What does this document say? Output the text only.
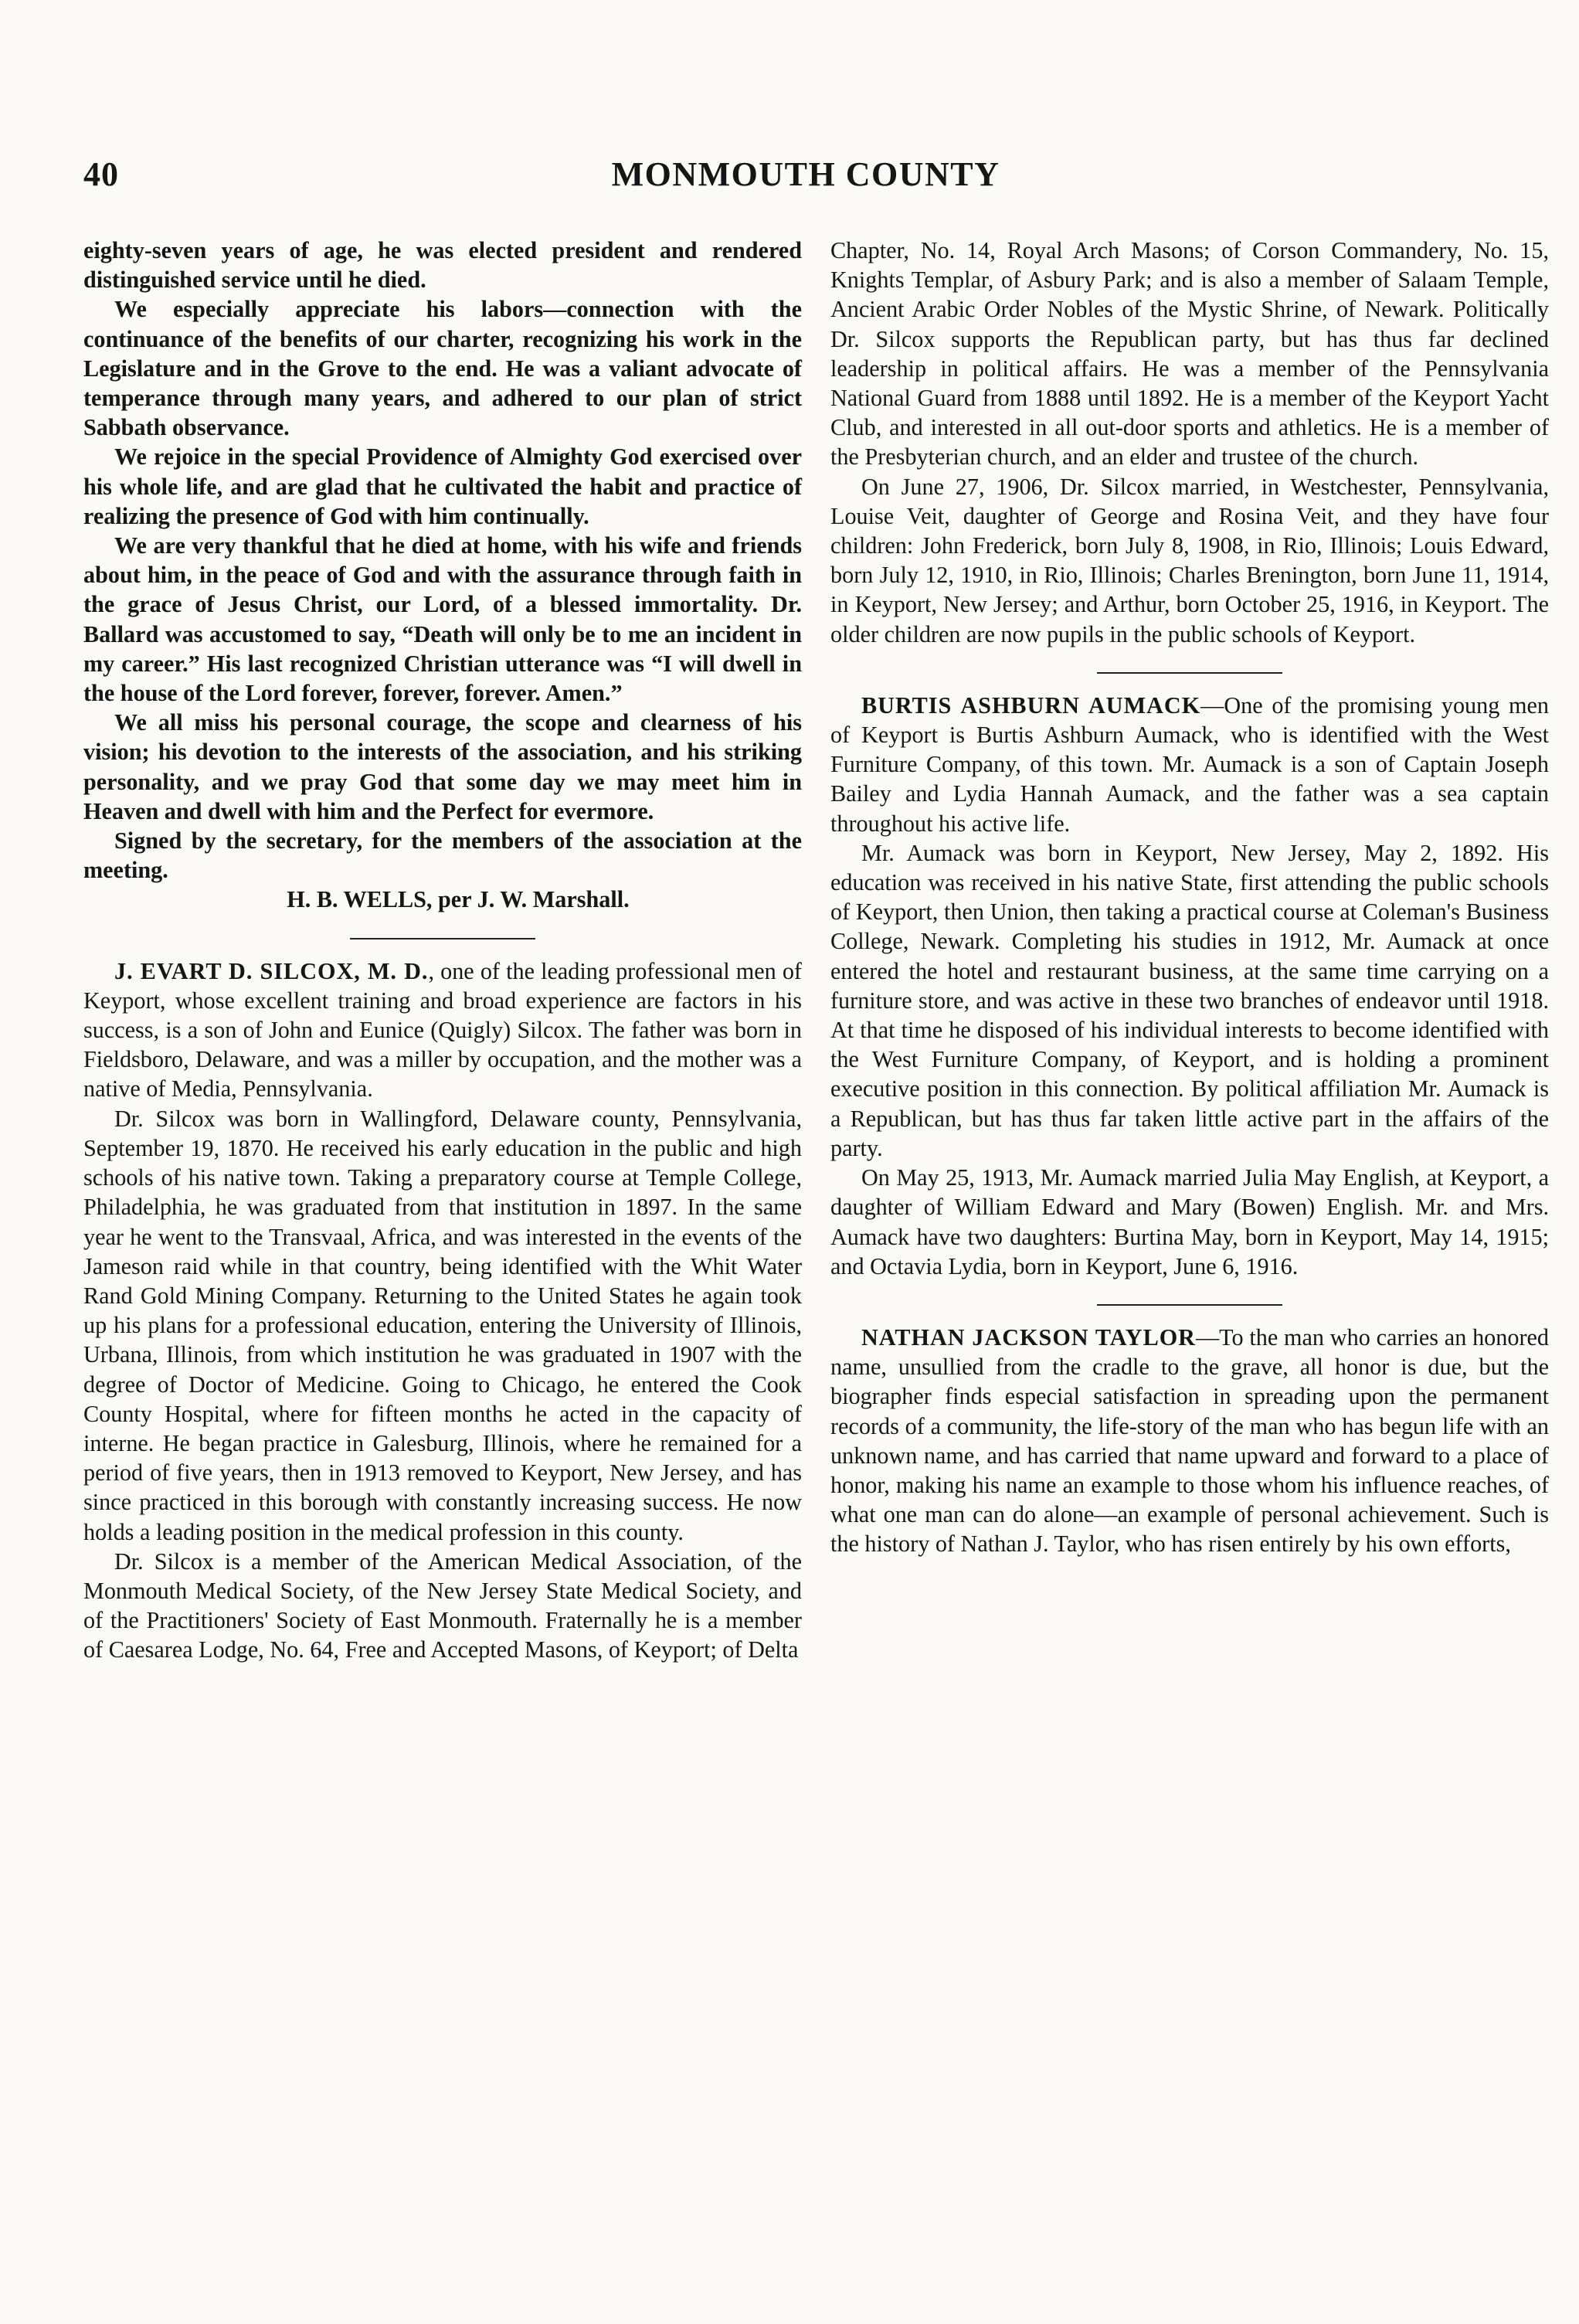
40	MONMOUTH COUNTY

eighty-seven years of age, he was elected president and rendered distinguished service until he died.

We especially appreciate his labors—connection with the continuance of the benefits of our charter, recognizing his work in the Legislature and in the Grove to the end. He was a valiant advocate of temperance through many years, and adhered to our plan of strict Sabbath observance.

We rejoice in the special Providence of Almighty God exercised over his whole life, and are glad that he cultivated the habit and practice of realizing the presence of God with him continually.

We are very thankful that he died at home, with his wife and friends about him, in the peace of God and with the assurance through faith in the grace of Jesus Christ, our Lord, of a blessed immortality. Dr. Ballard was accustomed to say, “Death will only be to me an incident in my career.” His last recognized Christian utterance was “I will dwell in the house of the Lord forever, forever, forever. Amen.”

We all miss his personal courage, the scope and clearness of his vision; his devotion to the interests of the association, and his striking personality, and we pray God that some day we may meet him in Heaven and dwell with him and the Perfect for evermore.

Signed by the secretary, for the members of the association at the meeting.

H. B. WELLS, per J. W. Marshall.

J. EVART D. SILCOX, M. D., one of the leading professional men of Keyport, whose excellent training and broad experience are factors in his success, is a son of John and Eunice (Quigly) Silcox. The father was born in Fieldsboro, Delaware, and was a miller by occupation, and the mother was a native of Media, Pennsylvania.

Dr. Silcox was born in Wallingford, Delaware county, Pennsylvania, September 19, 1870. He received his early education in the public and high schools of his native town. Taking a preparatory course at Temple College, Philadelphia, he was graduated from that institution in 1897. In the same year he went to the Transvaal, Africa, and was interested in the events of the Jameson raid while in that country, being identified with the Whit Water Rand Gold Mining Company. Returning to the United States he again took up his plans for a professional education, entering the University of Illinois, Urbana, Illinois, from which institution he was graduated in 1907 with the degree of Doctor of Medicine. Going to Chicago, he entered the Cook County Hospital, where for fifteen months he acted in the capacity of interne. He began practice in Galesburg, Illinois, where he remained for a period of five years, then in 1913 removed to Keyport, New Jersey, and has since practiced in this borough with constantly increasing success. He now holds a leading position in the medical profession in this county.

Dr. Silcox is a member of the American Medical Association, of the Monmouth Medical Society, of the New Jersey State Medical Society, and of the Practitioners' Society of East Monmouth. Fraternally he is a member of Caesarea Lodge, No. 64, Free and Accepted Masons, of Keyport; of Delta

Chapter, No. 14, Royal Arch Masons; of Corson Commandery, No. 15, Knights Templar, of Asbury Park; and is also a member of Salaam Temple, Ancient Arabic Order Nobles of the Mystic Shrine, of Newark. Politically Dr. Silcox supports the Republican party, but has thus far declined leadership in political affairs. He was a member of the Pennsylvania National Guard from 1888 until 1892. He is a member of the Keyport Yacht Club, and interested in all out-door sports and athletics. He is a member of the Presbyterian church, and an elder and trustee of the church.

On June 27, 1906, Dr. Silcox married, in Westchester, Pennsylvania, Louise Veit, daughter of George and Rosina Veit, and they have four children: John Frederick, born July 8, 1908, in Rio, Illinois; Louis Edward, born July 12, 1910, in Rio, Illinois; Charles Brenington, born June 11, 1914, in Keyport, New Jersey; and Arthur, born October 25, 1916, in Keyport. The older children are now pupils in the public schools of Keyport.

BURTIS ASHBURN AUMACK—One of the promising young men of Keyport is Burtis Ashburn Aumack, who is identified with the West Furniture Company, of this town. Mr. Aumack is a son of Captain Joseph Bailey and Lydia Hannah Aumack, and the father was a sea captain throughout his active life.

Mr. Aumack was born in Keyport, New Jersey, May 2, 1892. His education was received in his native State, first attending the public schools of Keyport, then Union, then taking a practical course at Coleman's Business College, Newark. Completing his studies in 1912, Mr. Aumack at once entered the hotel and restaurant business, at the same time carrying on a furniture store, and was active in these two branches of endeavor until 1918. At that time he disposed of his individual interests to become identified with the West Furniture Company, of Keyport, and is holding a prominent executive position in this connection. By political affiliation Mr. Aumack is a Republican, but has thus far taken little active part in the affairs of the party.

On May 25, 1913, Mr. Aumack married Julia May English, at Keyport, a daughter of William Edward and Mary (Bowen) English. Mr. and Mrs. Aumack have two daughters: Burtina May, born in Keyport, May 14, 1915; and Octavia Lydia, born in Keyport, June 6, 1916.

NATHAN JACKSON TAYLOR—To the man who carries an honored name, unsullied from the cradle to the grave, all honor is due, but the biographer finds especial satisfaction in spreading upon the permanent records of a community, the life-story of the man who has begun life with an unknown name, and has carried that name upward and forward to a place of honor, making his name an example to those whom his influence reaches, of what one man can do alone—an example of personal achievement. Such is the history of Nathan J. Taylor, who has risen entirely by his own efforts,
